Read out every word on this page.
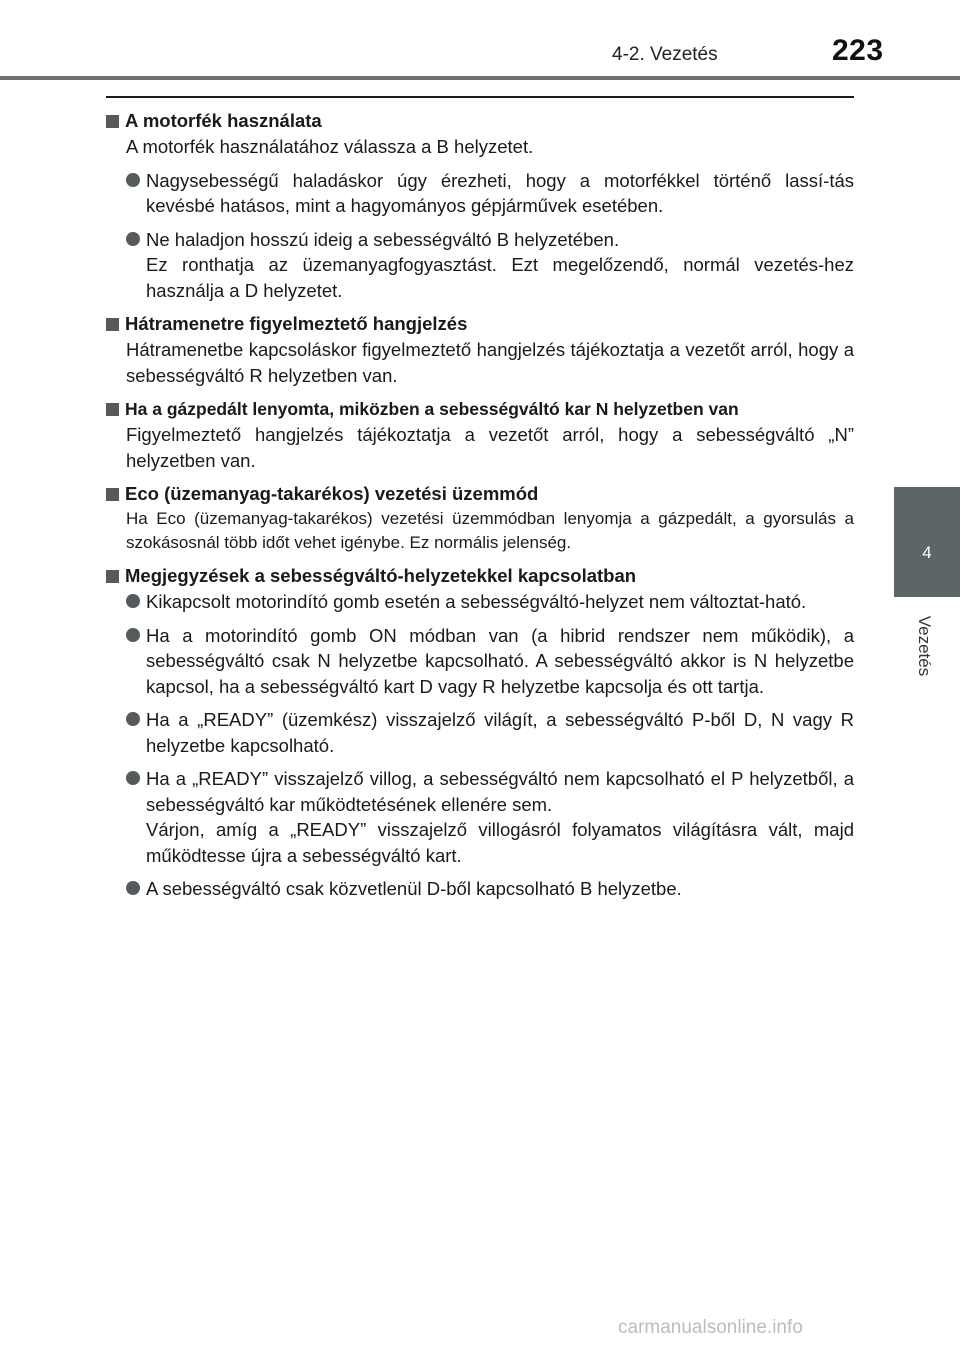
4-2. Vezetés	223
4
Vezetés
A motorfék használata
A motorfék használatához válassza a B helyzetet.
Nagysebességű haladáskor úgy érezheti, hogy a motorfékkel történő lassí-tás kevésbé hatásos, mint a hagyományos gépjárművek esetében.
Ne haladjon hosszú ideig a sebességváltó B helyzetében.
Ez ronthatja az üzemanyagfogyasztást. Ezt megelőzendő, normál vezetés-hez használja a D helyzetet.
Hátramenetre figyelmeztető hangjelzés
Hátramenetbe kapcsoláskor figyelmeztető hangjelzés tájékoztatja a vezetőt arról, hogy a sebességváltó R helyzetben van.
Ha a gázpedált lenyomta, miközben a sebességváltó kar N helyzetben van
Figyelmeztető hangjelzés tájékoztatja a vezetőt arról, hogy a sebességváltó „N” helyzetben van.
Eco (üzemanyag-takarékos) vezetési üzemmód
Ha Eco (üzemanyag-takarékos) vezetési üzemmódban lenyomja a gázpedált, a gyorsulás a szokásosnál több időt vehet igénybe. Ez normális jelenség.
Megjegyzések a sebességváltó-helyzetekkel kapcsolatban
Kikapcsolt motorindító gomb esetén a sebességváltó-helyzet nem változtat-ható.
Ha a motorindító gomb ON módban van (a hibrid rendszer nem működik), a sebességváltó csak N helyzetbe kapcsolható. A sebességváltó akkor is N helyzetbe kapcsol, ha a sebességváltó kart D vagy R helyzetbe kapcsolja és ott tartja.
Ha a „READY” (üzemkész) visszajelző világít, a sebességváltó P-ből D, N vagy R helyzetbe kapcsolható.
Ha a „READY” visszajelző villog, a sebességváltó nem kapcsolható el P helyzetből, a sebességváltó kar működtetésének ellenére sem.
Várjon, amíg a „READY” visszajelző villogásról folyamatos világításra vált, majd működtesse újra a sebességváltó kart.
A sebességváltó csak közvetlenül D-ből kapcsolható B helyzetbe.
carmanualsonline.info
